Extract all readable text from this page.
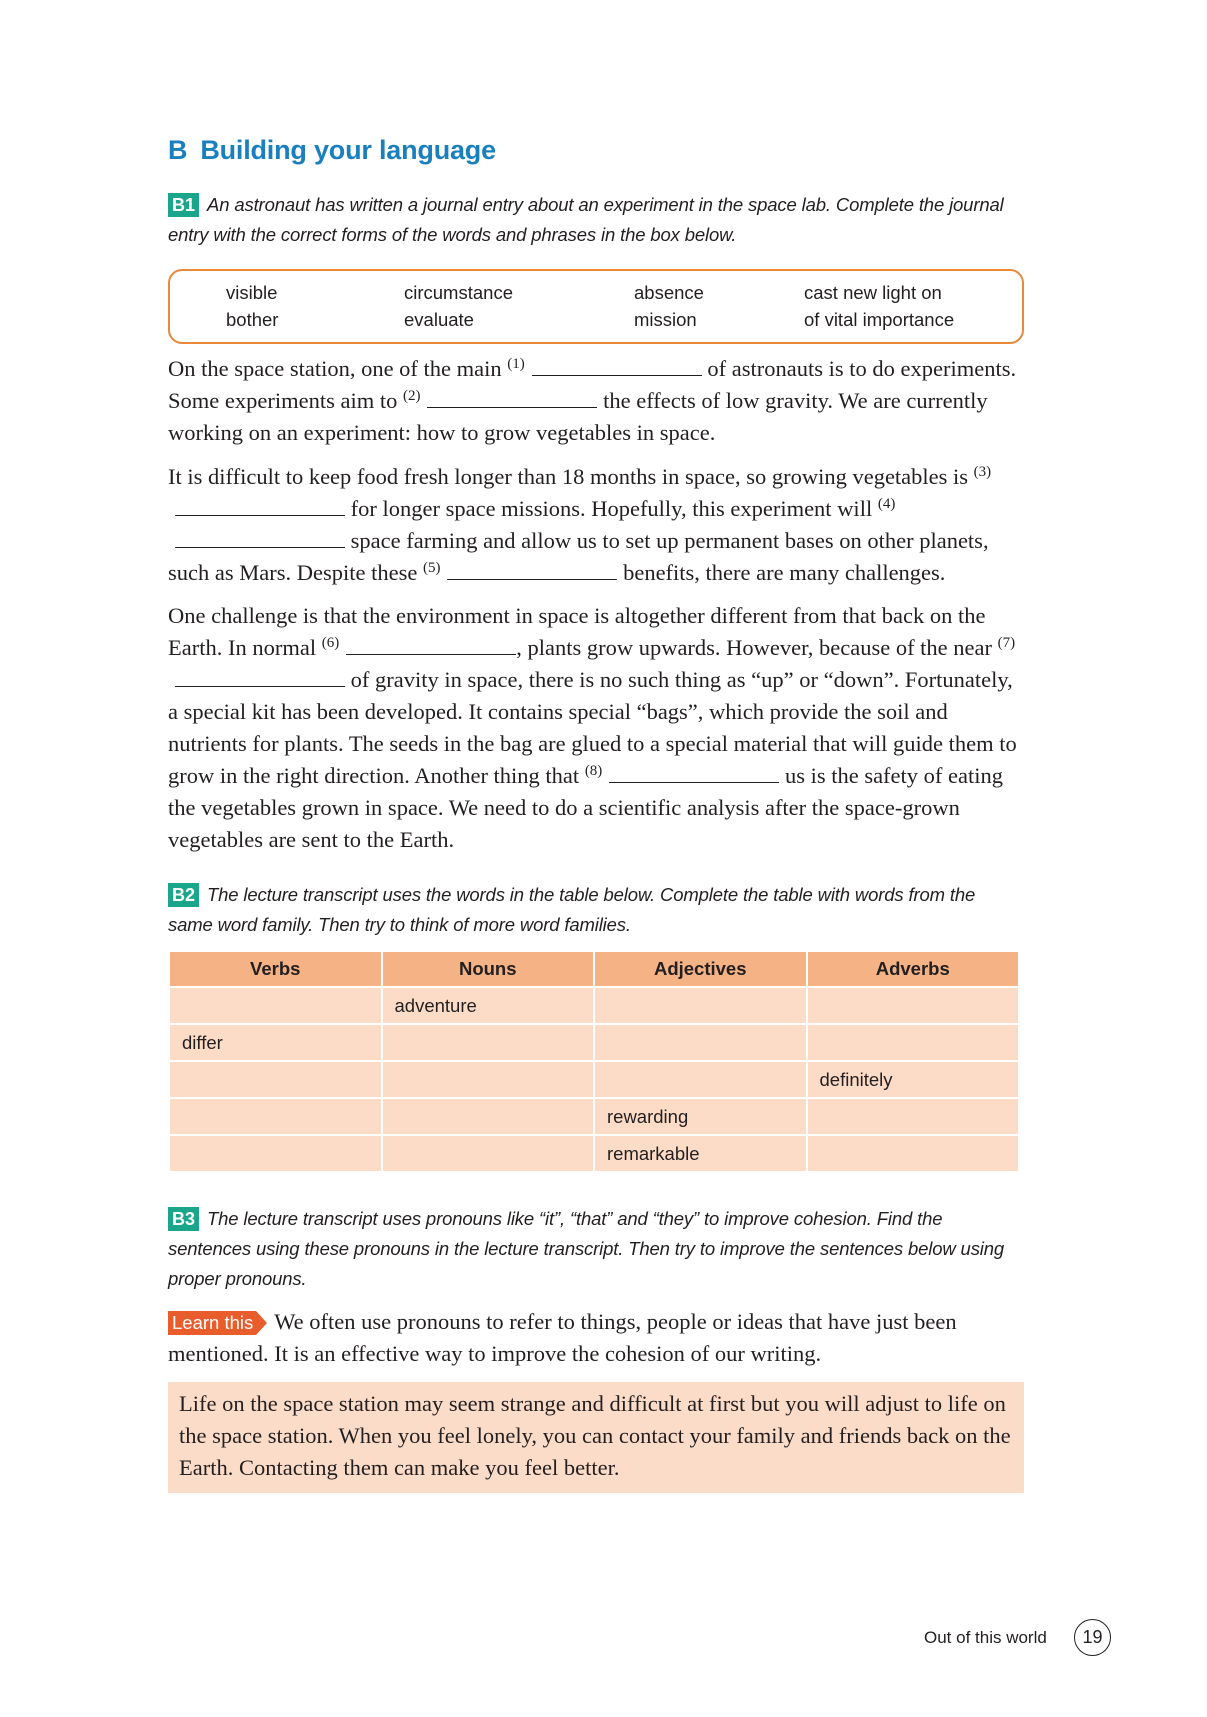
B Building your language

B1 An astronaut has written a journal entry about an experiment in the space lab. Complete the journal entry with the correct forms of the words and phrases in the box below.

visible	circumstance	absence	cast new light on
bother	evaluate	mission	of vital importance

On the space station, one of the main $^{(1)}$	of astronauts is to do experiments. Some experiments aim to $^{(2)}$	the effects of low gravity. We are currently working on an experiment: how to grow vegetables in space.

It is difficult to keep food fresh longer than 18 months in space, so growing vegetables is $^{(3)}$ for longer space missions. Hopefully, this experiment will $^{(4)}$ space farming and allow us to set up permanent bases on other planets, such as Mars. Despite these $^{(5)}$	benefits, there are many challenges.

One challenge is that the environment in space is altogether different from that back on the Earth. In normal $^{(6)}$	, plants grow upwards. However, because of the near $^{(7)}$ of gravity in space, there is no such thing as “up” or “down”. Fortunately, a special kit has been developed. It contains special “bags”, which provide the soil and nutrients for plants. The seeds in the bag are glued to a special material that will guide them to grow in the right direction. Another thing that $^{(8)}$	us is the safety of eating the vegetables grown in space. We need to do a scientific analysis after the space-grown vegetables are sent to the Earth.

B2 The lecture transcript uses the words in the table below. Complete the table with words from the same word family. Then try to think of more word families.

Verbs	Nouns	Adjectives	Adverbs
	adventure		
differ			
			definitely
		rewarding	
		remarkable	

B3 The lecture transcript uses pronouns like “it”, “that” and “they” to improve cohesion. Find the sentences using these pronouns in the lecture transcript. Then try to improve the sentences below using proper pronouns.

Learn this We often use pronouns to refer to things, people or ideas that have just been mentioned. It is an effective way to improve the cohesion of our writing.

Life on the space station may seem strange and difficult at first but you will adjust to life on the space station. When you feel lonely, you can contact your family and friends back on the Earth. Contacting them can make you feel better.
Out of this world	19
